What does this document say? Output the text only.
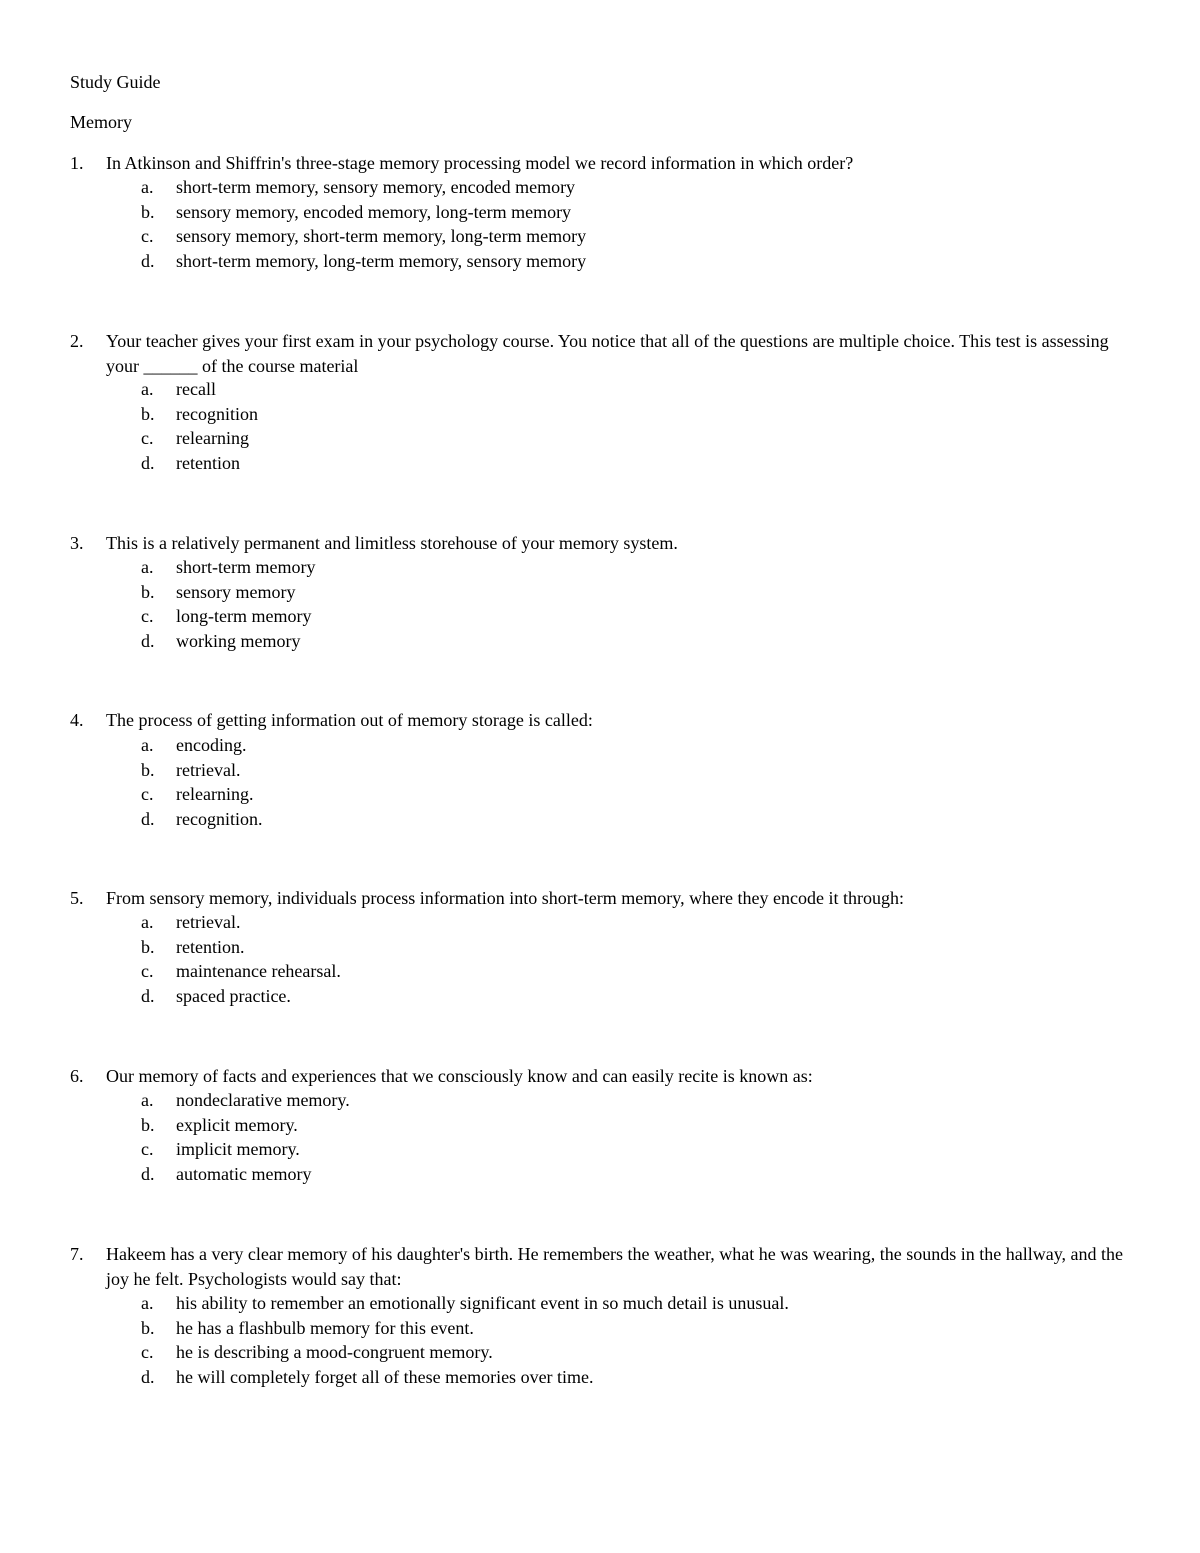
Study Guide
Memory
1. In Atkinson and Shiffrin's three-stage memory processing model we record information in which order?
a. short-term memory, sensory memory, encoded memory
b. sensory memory, encoded memory, long-term memory
c. sensory memory, short-term memory, long-term memory
d. short-term memory, long-term memory, sensory memory
2. Your teacher gives your first exam in your psychology course. You notice that all of the questions are multiple choice. This test is assessing your ______ of the course material
a. recall
b. recognition
c. relearning
d. retention
3. This is a relatively permanent and limitless storehouse of your memory system.
a. short-term memory
b. sensory memory
c. long-term memory
d. working memory
4. The process of getting information out of memory storage is called:
a. encoding.
b. retrieval.
c. relearning.
d. recognition.
5. From sensory memory, individuals process information into short-term memory, where they encode it through:
a. retrieval.
b. retention.
c. maintenance rehearsal.
d. spaced practice.
6. Our memory of facts and experiences that we consciously know and can easily recite is known as:
a. nondeclarative memory.
b. explicit memory.
c. implicit memory.
d. automatic memory
7. Hakeem has a very clear memory of his daughter's birth. He remembers the weather, what he was wearing, the sounds in the hallway, and the joy he felt. Psychologists would say that:
a. his ability to remember an emotionally significant event in so much detail is unusual.
b. he has a flashbulb memory for this event.
c. he is describing a mood-congruent memory.
d. he will completely forget all of these memories over time.
